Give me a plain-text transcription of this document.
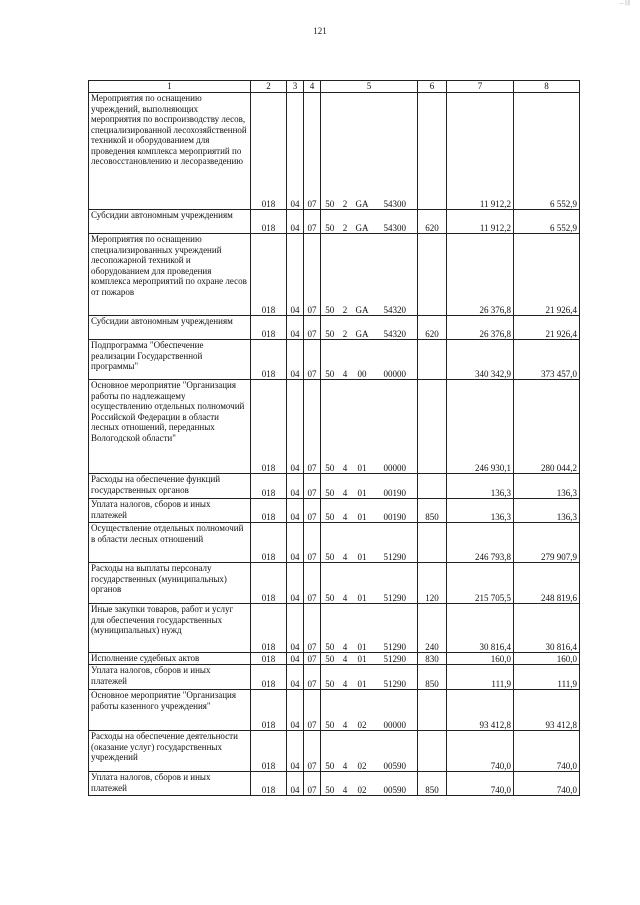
... ||||
121
1	2	3	4	5				6	7	8
Мероприятия по оснащению учреждений, выполняющих мероприятия по воспроизводству лесов, специализированной лесохозяйственной техникой и оборудованием для проведения комплекса мероприятий по лесовосстановлению и лесоразведению	018	04	07	50	2	GA	54300		11 912,2	6 552,9
Субсидии автономным учреждениям	018	04	07	50	2	GA	54300	620	11 912,2	6 552,9
Мероприятия по оснащению специализированных учреждений лесопожарной техникой и оборудованием для проведения комплекса мероприятий по охране лесов от пожаров	018	04	07	50	2	GA	54320		26 376,8	21 926,4
Субсидии автономным учреждениям	018	04	07	50	2	GA	54320	620	26 376,8	21 926,4
Подпрограмма "Обеспечение реализации Государственной программы"	018	04	07	50	4	00	00000		340 342,9	373 457,0
Основное мероприятие "Организация работы по надлежащему осуществлению отдельных полномочий Российской Федерации в области лесных отношений, переданных Вологодской области"	018	04	07	50	4	01	00000		246 930,1	280 044,2
Расходы на обеспечение функций государственных органов	018	04	07	50	4	01	00190		136,3	136,3
Уплата налогов, сборов и иных платежей	018	04	07	50	4	01	00190	850	136,3	136,3
Осуществление отдельных полномочий в области лесных отношений	018	04	07	50	4	01	51290		246 793,8	279 907,9
Расходы на выплаты персоналу государственных (муниципальных) органов	018	04	07	50	4	01	51290	120	215 705,5	248 819,6
Иные закупки товаров, работ и услуг для обеспечения государственных (муниципальных) нужд	018	04	07	50	4	01	51290	240	30 816,4	30 816,4
Исполнение судебных актов	018	04	07	50	4	01	51290	830	160,0	160,0
Уплата налогов, сборов и иных платежей	018	04	07	50	4	01	51290	850	111,9	111,9
Основное мероприятие "Организация работы казенного учреждения"	018	04	07	50	4	02	00000		93 412,8	93 412,8
Расходы на обеспечение деятельности (оказание услуг) государственных учреждений	018	04	07	50	4	02	00590		740,0	740,0
Уплата налогов, сборов и иных платежей	018	04	07	50	4	02	00590	850	740,0	740,0
